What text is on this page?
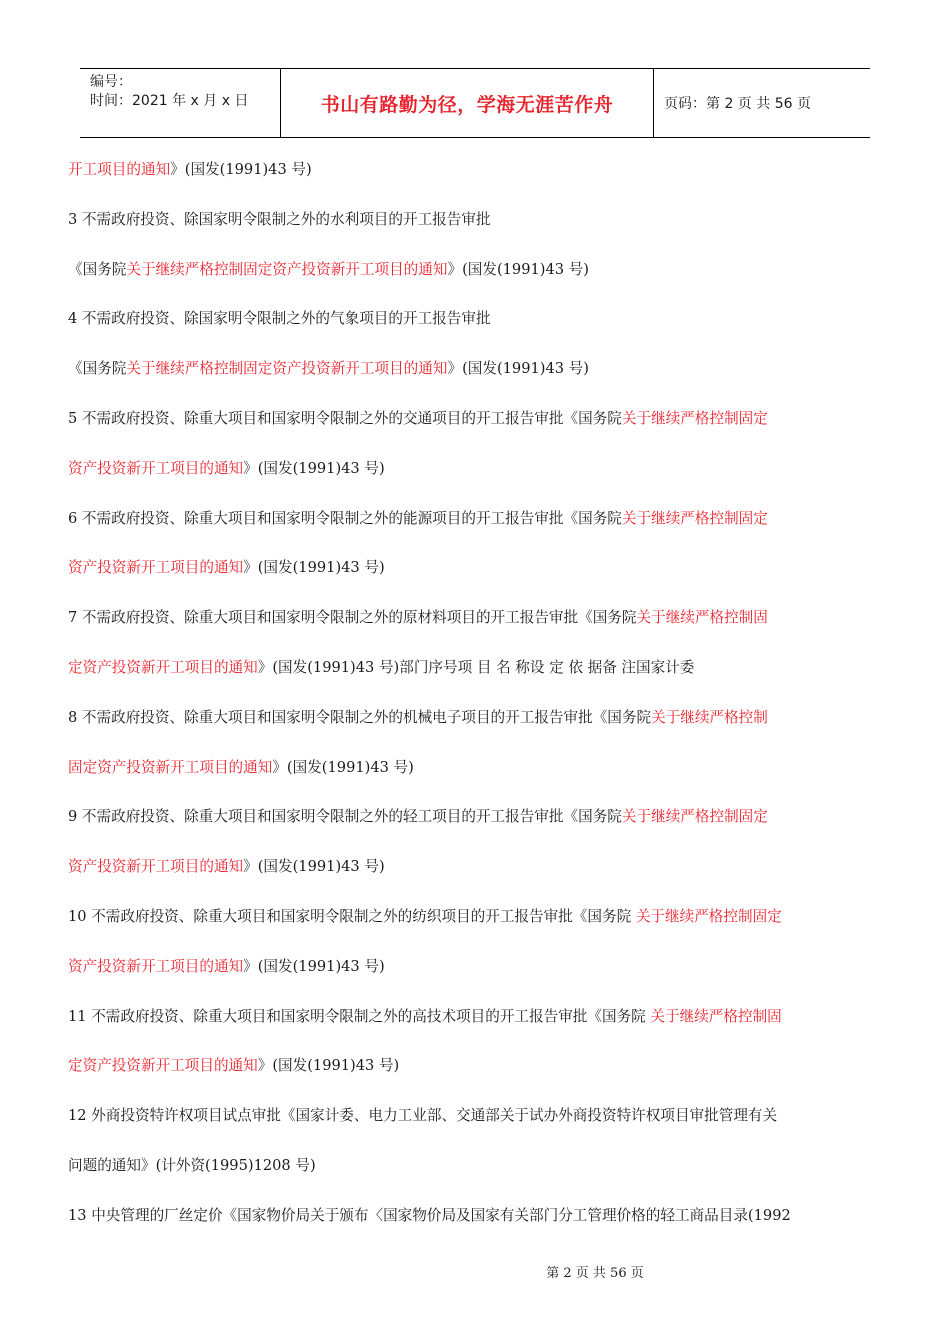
编号：
时间：2021 年 x 月 x 日	书山有路勤为径，学海无涯苦作舟	页码：第 2 页 共 56 页
开工项目的通知》(国发(1991)43 号)
3 不需政府投资、除国家明令限制之外的水利项目的开工报告审批
《国务院关于继续严格控制固定资产投资新开工项目的通知》(国发(1991)43 号)
4 不需政府投资、除国家明令限制之外的气象项目的开工报告审批
《国务院关于继续严格控制固定资产投资新开工项目的通知》(国发(1991)43 号)
5 不需政府投资、除重大项目和国家明令限制之外的交通项目的开工报告审批《国务院关于继续严格控制固定
资产投资新开工项目的通知》(国发(1991)43 号)
6 不需政府投资、除重大项目和国家明令限制之外的能源项目的开工报告审批《国务院关于继续严格控制固定
资产投资新开工项目的通知》(国发(1991)43 号)
7 不需政府投资、除重大项目和国家明令限制之外的原材料项目的开工报告审批《国务院关于继续严格控制固
定资产投资新开工项目的通知》(国发(1991)43 号)部门序号项 目 名 称设 定 依 据备 注国家计委
8 不需政府投资、除重大项目和国家明令限制之外的机械电子项目的开工报告审批《国务院关于继续严格控制
固定资产投资新开工项目的通知》(国发(1991)43 号)
9 不需政府投资、除重大项目和国家明令限制之外的轻工项目的开工报告审批《国务院关于继续严格控制固定
资产投资新开工项目的通知》(国发(1991)43 号)
10 不需政府投资、除重大项目和国家明令限制之外的纺织项目的开工报告审批《国务院 关于继续严格控制固定
资产投资新开工项目的通知》(国发(1991)43 号)
11 不需政府投资、除重大项目和国家明令限制之外的高技术项目的开工报告审批《国务院 关于继续严格控制固
定资产投资新开工项目的通知》(国发(1991)43 号)
12 外商投资特许权项目试点审批《国家计委、电力工业部、交通部关于试办外商投资特许权项目审批管理有关
问题的通知》(计外资(1995)1208 号)
13 中央管理的厂丝定价《国家物价局关于颁布〈国家物价局及国家有关部门分工管理价格的轻工商品目录(1992
第 2 页 共 56 页
